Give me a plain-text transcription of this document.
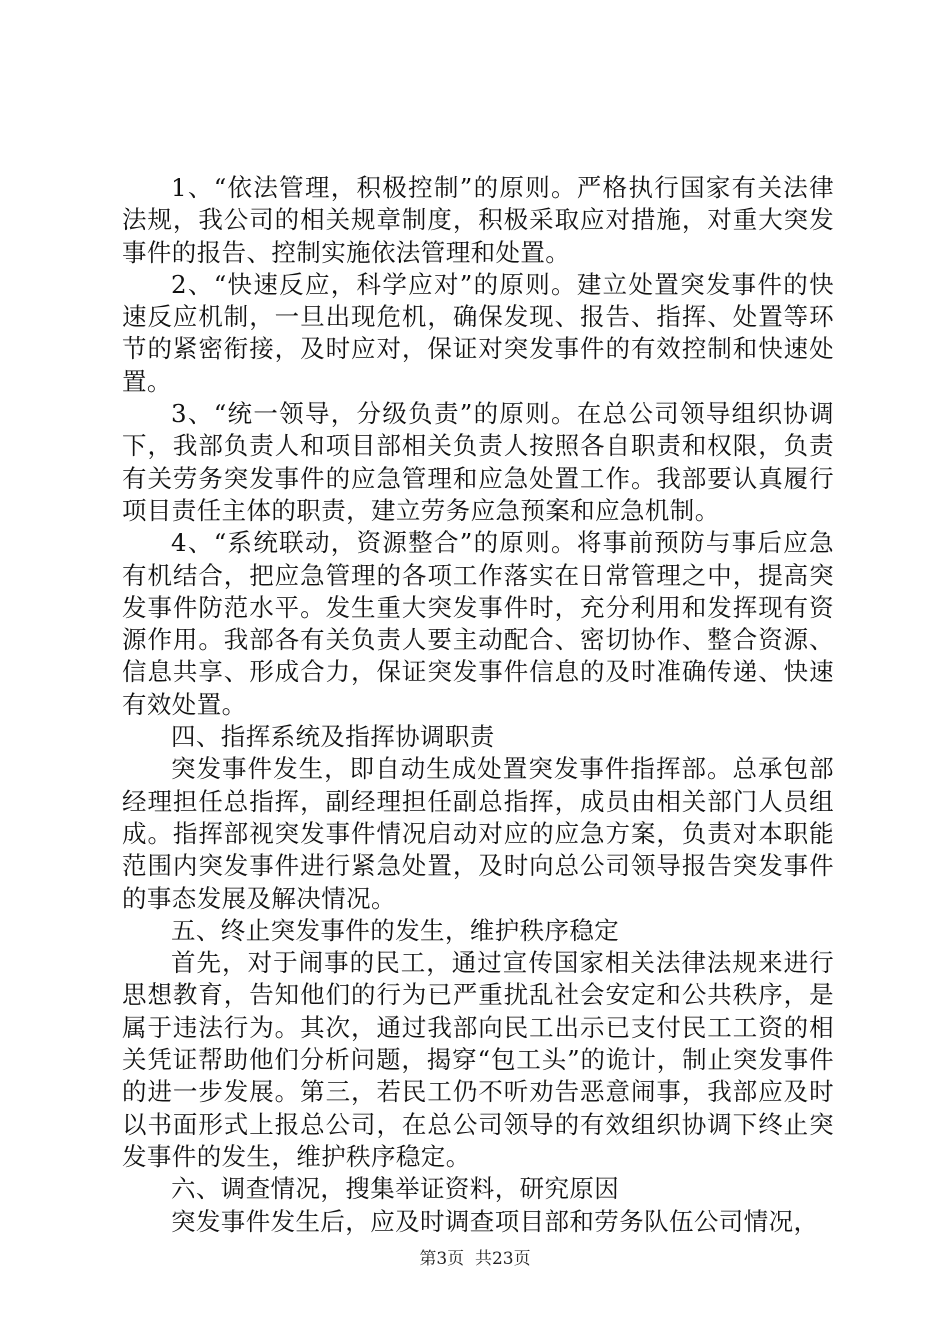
1、“依法管理，积极控制”的原则。严格执行国家有关法律法规，我公司的相关规章制度，积极采取应对措施，对重大突发事件的报告、控制实施依法管理和处置。

2、“快速反应，科学应对”的原则。建立处置突发事件的快速反应机制，一旦出现危机，确保发现、报告、指挥、处置等环节的紧密衔接，及时应对，保证对突发事件的有效控制和快速处置。

3、“统一领导，分级负责”的原则。在总公司领导组织协调下，我部负责人和项目部相关负责人按照各自职责和权限，负责有关劳务突发事件的应急管理和应急处置工作。我部要认真履行项目责任主体的职责，建立劳务应急预案和应急机制。

4、“系统联动，资源整合”的原则。将事前预防与事后应急有机结合，把应急管理的各项工作落实在日常管理之中，提高突发事件防范水平。发生重大突发事件时，充分利用和发挥现有资源作用。我部各有关负责人要主动配合、密切协作、整合资源、信息共享、形成合力，保证突发事件信息的及时准确传递、快速有效处置。

四、指挥系统及指挥协调职责

突发事件发生，即自动生成处置突发事件指挥部。总承包部经理担任总指挥，副经理担任副总指挥，成员由相关部门人员组成。指挥部视突发事件情况启动对应的应急方案，负责对本职能范围内突发事件进行紧急处置，及时向总公司领导报告突发事件的事态发展及解决情况。

五、终止突发事件的发生，维护秩序稳定

首先，对于闹事的民工，通过宣传国家相关法律法规来进行思想教育，告知他们的行为已严重扰乱社会安定和公共秩序，是属于违法行为。其次，通过我部向民工出示已支付民工工资的相关凭证帮助他们分析问题，揭穿“包工头”的诡计，制止突发事件的进一步发展。第三，若民工仍不听劝告恶意闹事，我部应及时以书面形式上报总公司，在总公司领导的有效组织协调下终止突发事件的发生，维护秩序稳定。

六、调查情况，搜集举证资料，研究原因

突发事件发生后，应及时调查项目部和劳务队伍公司情况，

第3页  共23页
